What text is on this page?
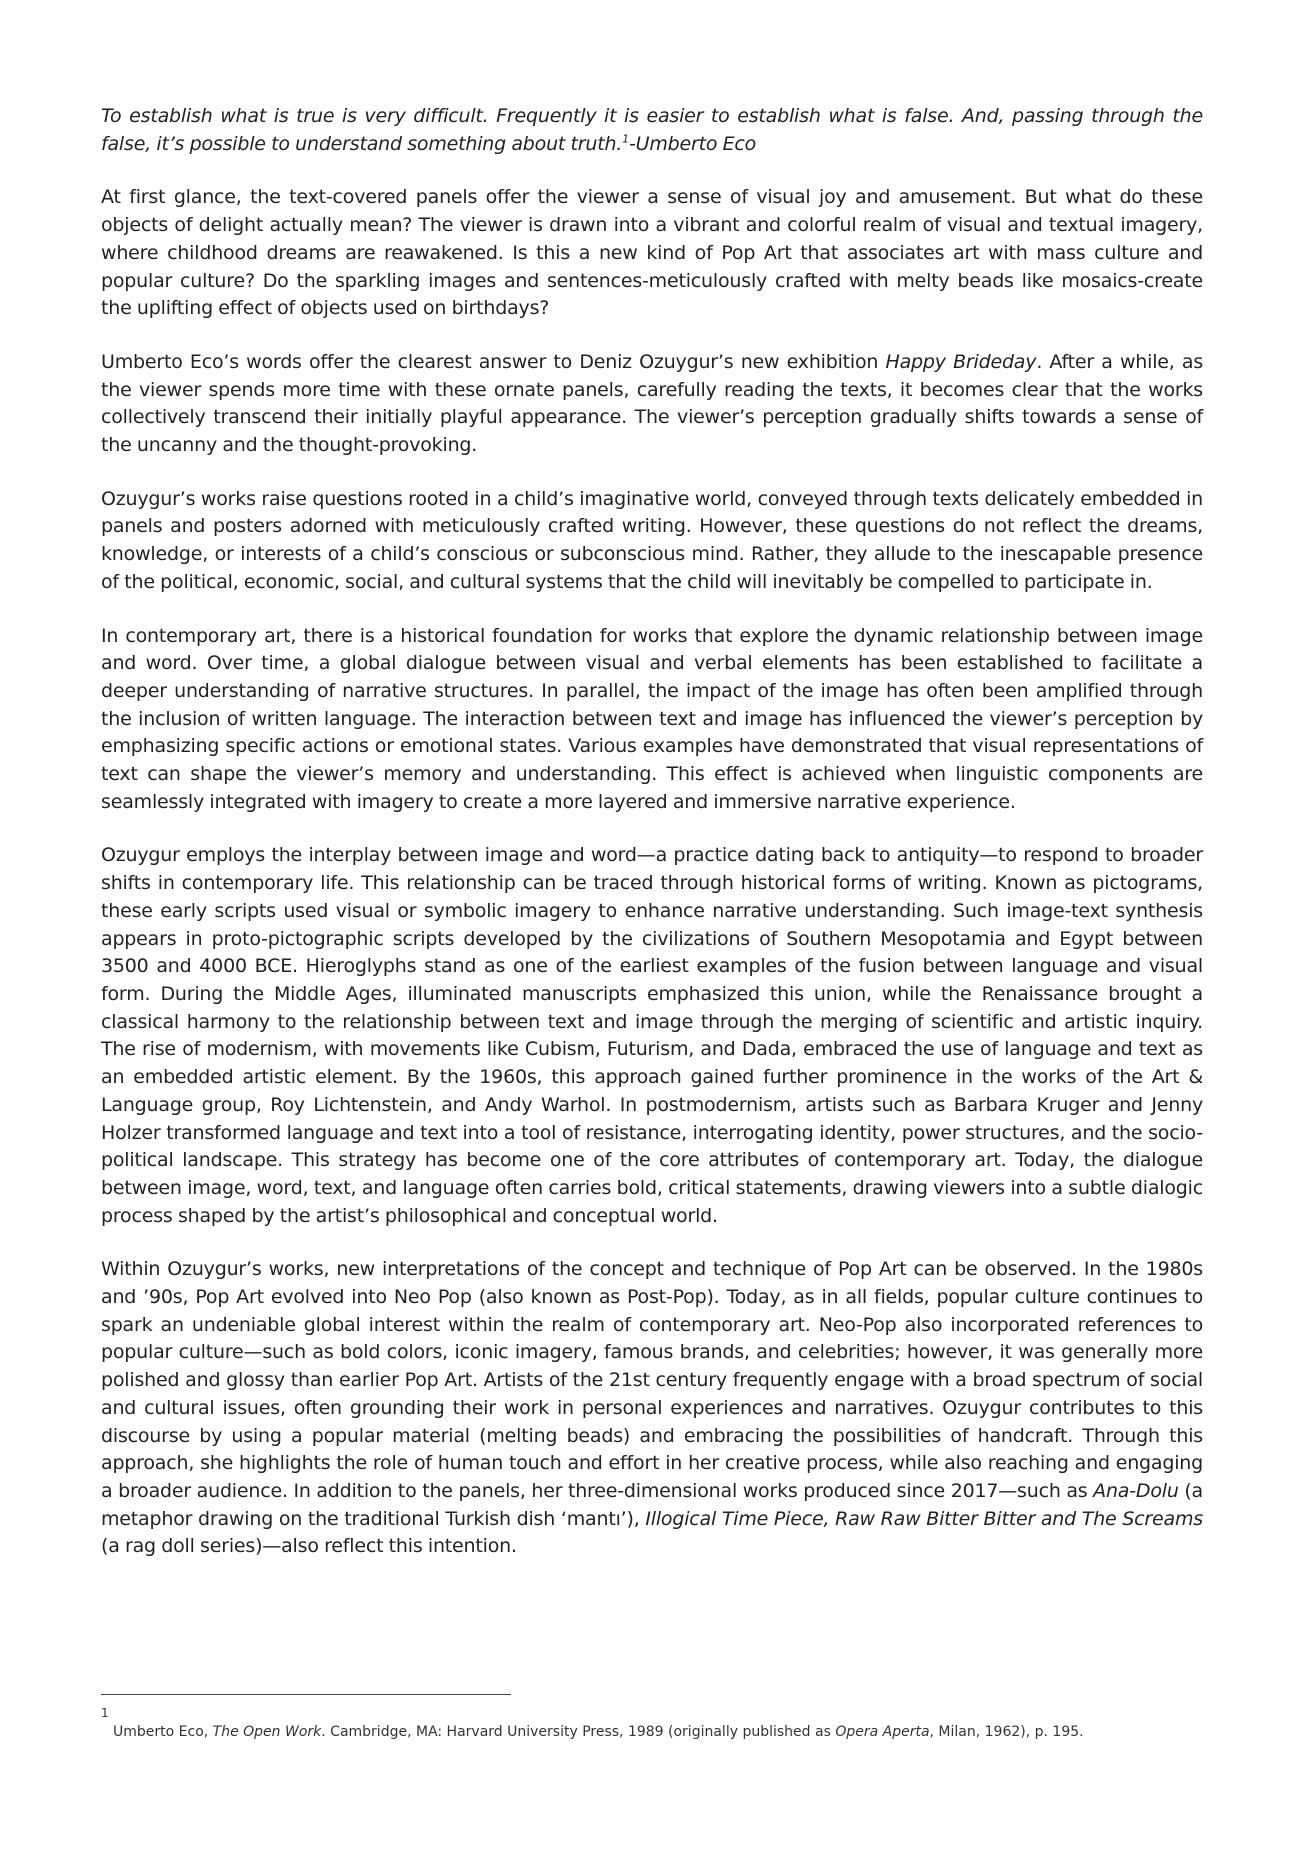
To establish what is true is very difficult. Frequently it is easier to establish what is false. And, passing through the false, it’s possible to understand something about truth.$^1$-Umberto Eco

At first glance, the text-covered panels offer the viewer a sense of visual joy and amusement. But what do these objects of delight actually mean? The viewer is drawn into a vibrant and colorful realm of visual and textual imagery, where childhood dreams are reawakened. Is this a new kind of Pop Art that associates art with mass culture and popular culture? Do the sparkling images and sentences-meticulously crafted with melty beads like mosaics-create the uplifting effect of objects used on birthdays?

Umberto Eco’s words offer the clearest answer to Deniz Ozuygur’s new exhibition Happy Brideday. After a while, as the viewer spends more time with these ornate panels, carefully reading the texts, it becomes clear that the works collectively transcend their initially playful appearance. The viewer’s perception gradually shifts towards a sense of the uncanny and the thought-provoking.

Ozuygur’s works raise questions rooted in a child’s imaginative world, conveyed through texts delicately embedded in panels and posters adorned with meticulously crafted writing. However, these questions do not reflect the dreams, knowledge, or interests of a child’s conscious or subconscious mind. Rather, they allude to the inescapable presence of the political, economic, social, and cultural systems that the child will inevitably be compelled to participate in.

In contemporary art, there is a historical foundation for works that explore the dynamic relationship between image and word. Over time, a global dialogue between visual and verbal elements has been established to facilitate a deeper understanding of narrative structures. In parallel, the impact of the image has often been amplified through the inclusion of written language. The interaction between text and image has influenced the viewer’s perception by emphasizing specific actions or emotional states. Various examples have demonstrated that visual representations of text can shape the viewer’s memory and understanding. This effect is achieved when linguistic components are seamlessly integrated with imagery to create a more layered and immersive narrative experience.

Ozuygur employs the interplay between image and word—a practice dating back to antiquity—to respond to broader shifts in contemporary life. This relationship can be traced through historical forms of writing. Known as pictograms, these early scripts used visual or symbolic imagery to enhance narrative understanding. Such image-text synthesis appears in proto-pictographic scripts developed by the civilizations of Southern Mesopotamia and Egypt between 3500 and 4000 BCE. Hieroglyphs stand as one of the earliest examples of the fusion between language and visual form. During the Middle Ages, illuminated manuscripts emphasized this union, while the Renaissance brought a classical harmony to the relationship between text and image through the merging of scientific and artistic inquiry. The rise of modernism, with movements like Cubism, Futurism, and Dada, embraced the use of language and text as an embedded artistic element. By the 1960s, this approach gained further prominence in the works of the Art & Language group, Roy Lichtenstein, and Andy Warhol. In postmodernism, artists such as Barbara Kruger and Jenny Holzer transformed language and text into a tool of resistance, interrogating identity, power structures, and the socio-political landscape. This strategy has become one of the core attributes of contemporary art. Today, the dialogue between image, word, text, and language often carries bold, critical statements, drawing viewers into a subtle dialogic process shaped by the artist’s philosophical and conceptual world.

Within Ozuygur’s works, new interpretations of the concept and technique of Pop Art can be observed. In the 1980s and ’90s, Pop Art evolved into Neo Pop (also known as Post-Pop). Today, as in all fields, popular culture continues to spark an undeniable global interest within the realm of contemporary art. Neo-Pop also incorporated references to popular culture—such as bold colors, iconic imagery, famous brands, and celebrities; however, it was generally more polished and glossy than earlier Pop Art. Artists of the 21st century frequently engage with a broad spectrum of social and cultural issues, often grounding their work in personal experiences and narratives. Ozuygur contributes to this discourse by using a popular material (melting beads) and embracing the possibilities of handcraft. Through this approach, she highlights the role of human touch and effort in her creative process, while also reaching and engaging a broader audience. In addition to the panels, her three-dimensional works produced since 2017—such as Ana-Dolu (a metaphor drawing on the traditional Turkish dish ‘mantı’), Illogical Time Piece, Raw Raw Bitter Bitter and The Screams (a rag doll series)—also reflect this intention.

1
Umberto Eco, The Open Work. Cambridge, MA: Harvard University Press, 1989 (originally published as Opera Aperta, Milan, 1962), p. 195.
